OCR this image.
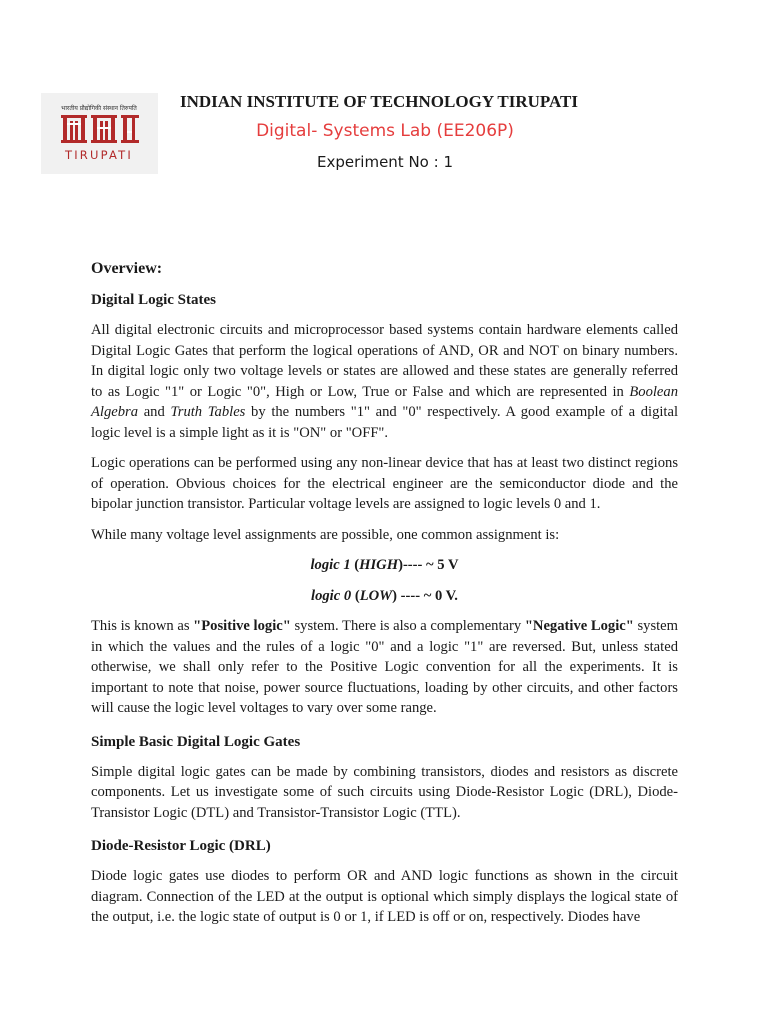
भारतीय प्रौद्योगिकी संस्थान तिरुपति
TIRUPATI
INDIAN INSTITUTE OF TECHNOLOGY TIRUPATI
Digital- Systems Lab (EE206P)
Experiment No : 1
Overview:
Digital Logic States

All digital electronic circuits and microprocessor based systems contain hardware elements called Digital Logic Gates that perform the logical operations of AND, OR and NOT on binary numbers. In digital logic only two voltage levels or states are allowed and these states are generally referred to as Logic "1" or Logic "0", High or Low, True or False and which are represented in Boolean Algebra and Truth Tables by the numbers "1" and "0" respectively. A good example of a digital logic level is a simple light as it is "ON" or "OFF".

Logic operations can be performed using any non-linear device that has at least two distinct regions of operation. Obvious choices for the electrical engineer are the semiconductor diode and the bipolar junction transistor. Particular voltage levels are assigned to logic levels 0 and 1.

While many voltage level assignments are possible, one common assignment is:

logic 1 (HIGH)---- ~ 5 V

logic 0 (LOW) ---- ~ 0 V.

This is known as "Positive logic" system. There is also a complementary "Negative Logic" system in which the values and the rules of a logic "0" and a logic "1" are reversed. But, unless stated otherwise, we shall only refer to the Positive Logic convention for all the experiments. It is important to note that noise, power source fluctuations, loading by other circuits, and other factors will cause the logic level voltages to vary over some range.

Simple Basic Digital Logic Gates

Simple digital logic gates can be made by combining transistors, diodes and resistors as discrete components. Let us investigate some of such circuits using Diode-Resistor Logic (DRL), Diode-Transistor Logic (DTL) and Transistor-Transistor Logic (TTL).

Diode-Resistor Logic (DRL)

Diode logic gates use diodes to perform OR and AND logic functions as shown in the circuit diagram. Connection of the LED at the output is optional which simply displays the logical state of the output, i.e. the logic state of output is 0 or 1, if LED is off or on, respectively. Diodes have
